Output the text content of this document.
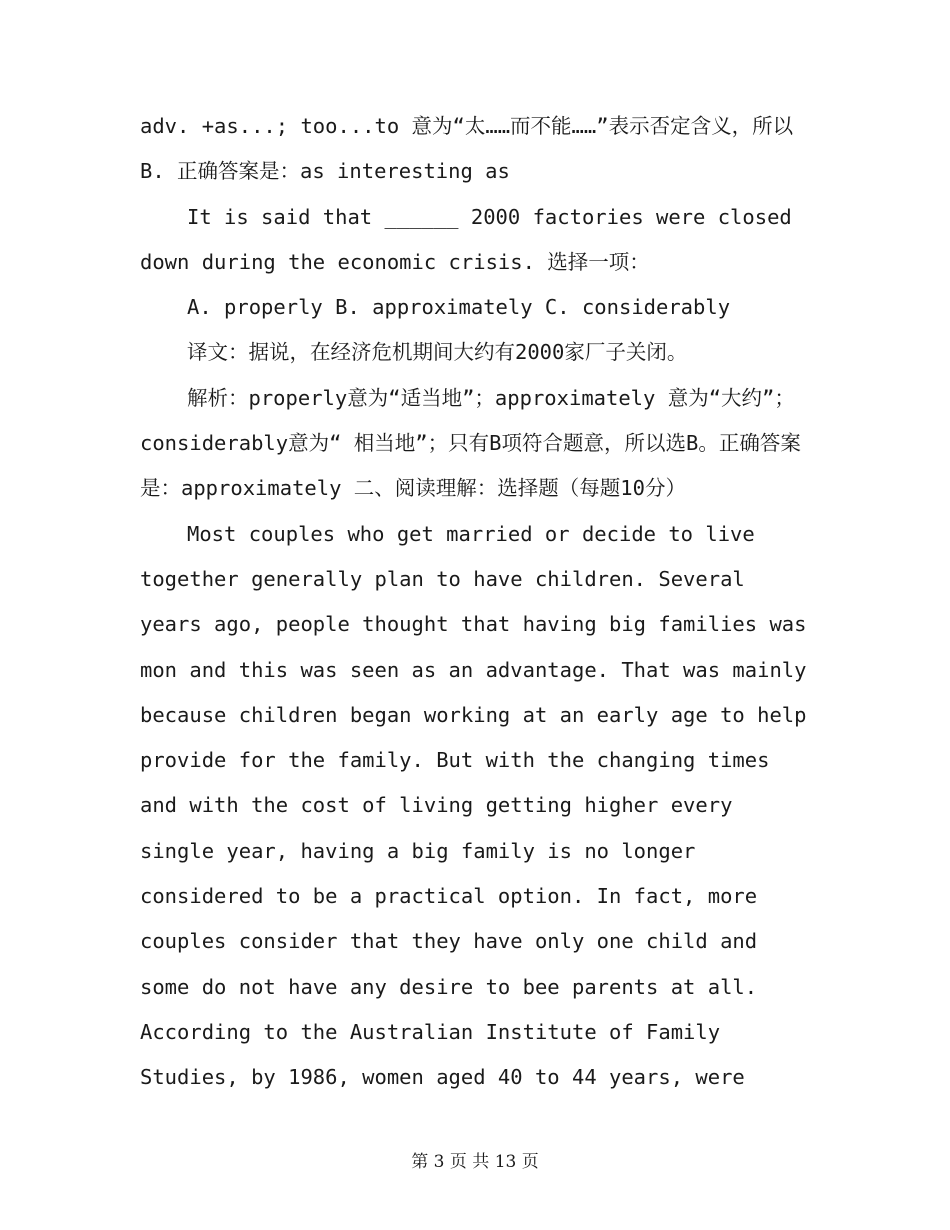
adv. +as...; too...to 意为“太……而不能……”表示否定含义，所以B. 正确答案是：as interesting as

It is said that ______ 2000 factories were closed down during the economic crisis. 选择一项：

A. properly B. approximately C. considerably

译文：据说，在经济危机期间大约有2000家厂子关闭。

解析：properly意为“适当地”；approximately 意为“大约”；considerably意为“ 相当地”；只有B项符合题意，所以选B。正确答案是：approximately 二、阅读理解：选择题（每题10分）

Most couples who get married or decide to live together generally plan to have children. Several years ago, people thought that having big families was mon and this was seen as an advantage. That was mainly because children began working at an early age to help provide for the family. But with the changing times and with the cost of living getting higher every single year, having a big family is no longer considered to be a practical option. In fact, more couples consider that they have only one child and some do not have any desire to bee parents at all. According to the Australian Institute of Family Studies, by 1986, women aged 40 to 44 years, were

第 3 页 共 13 页
